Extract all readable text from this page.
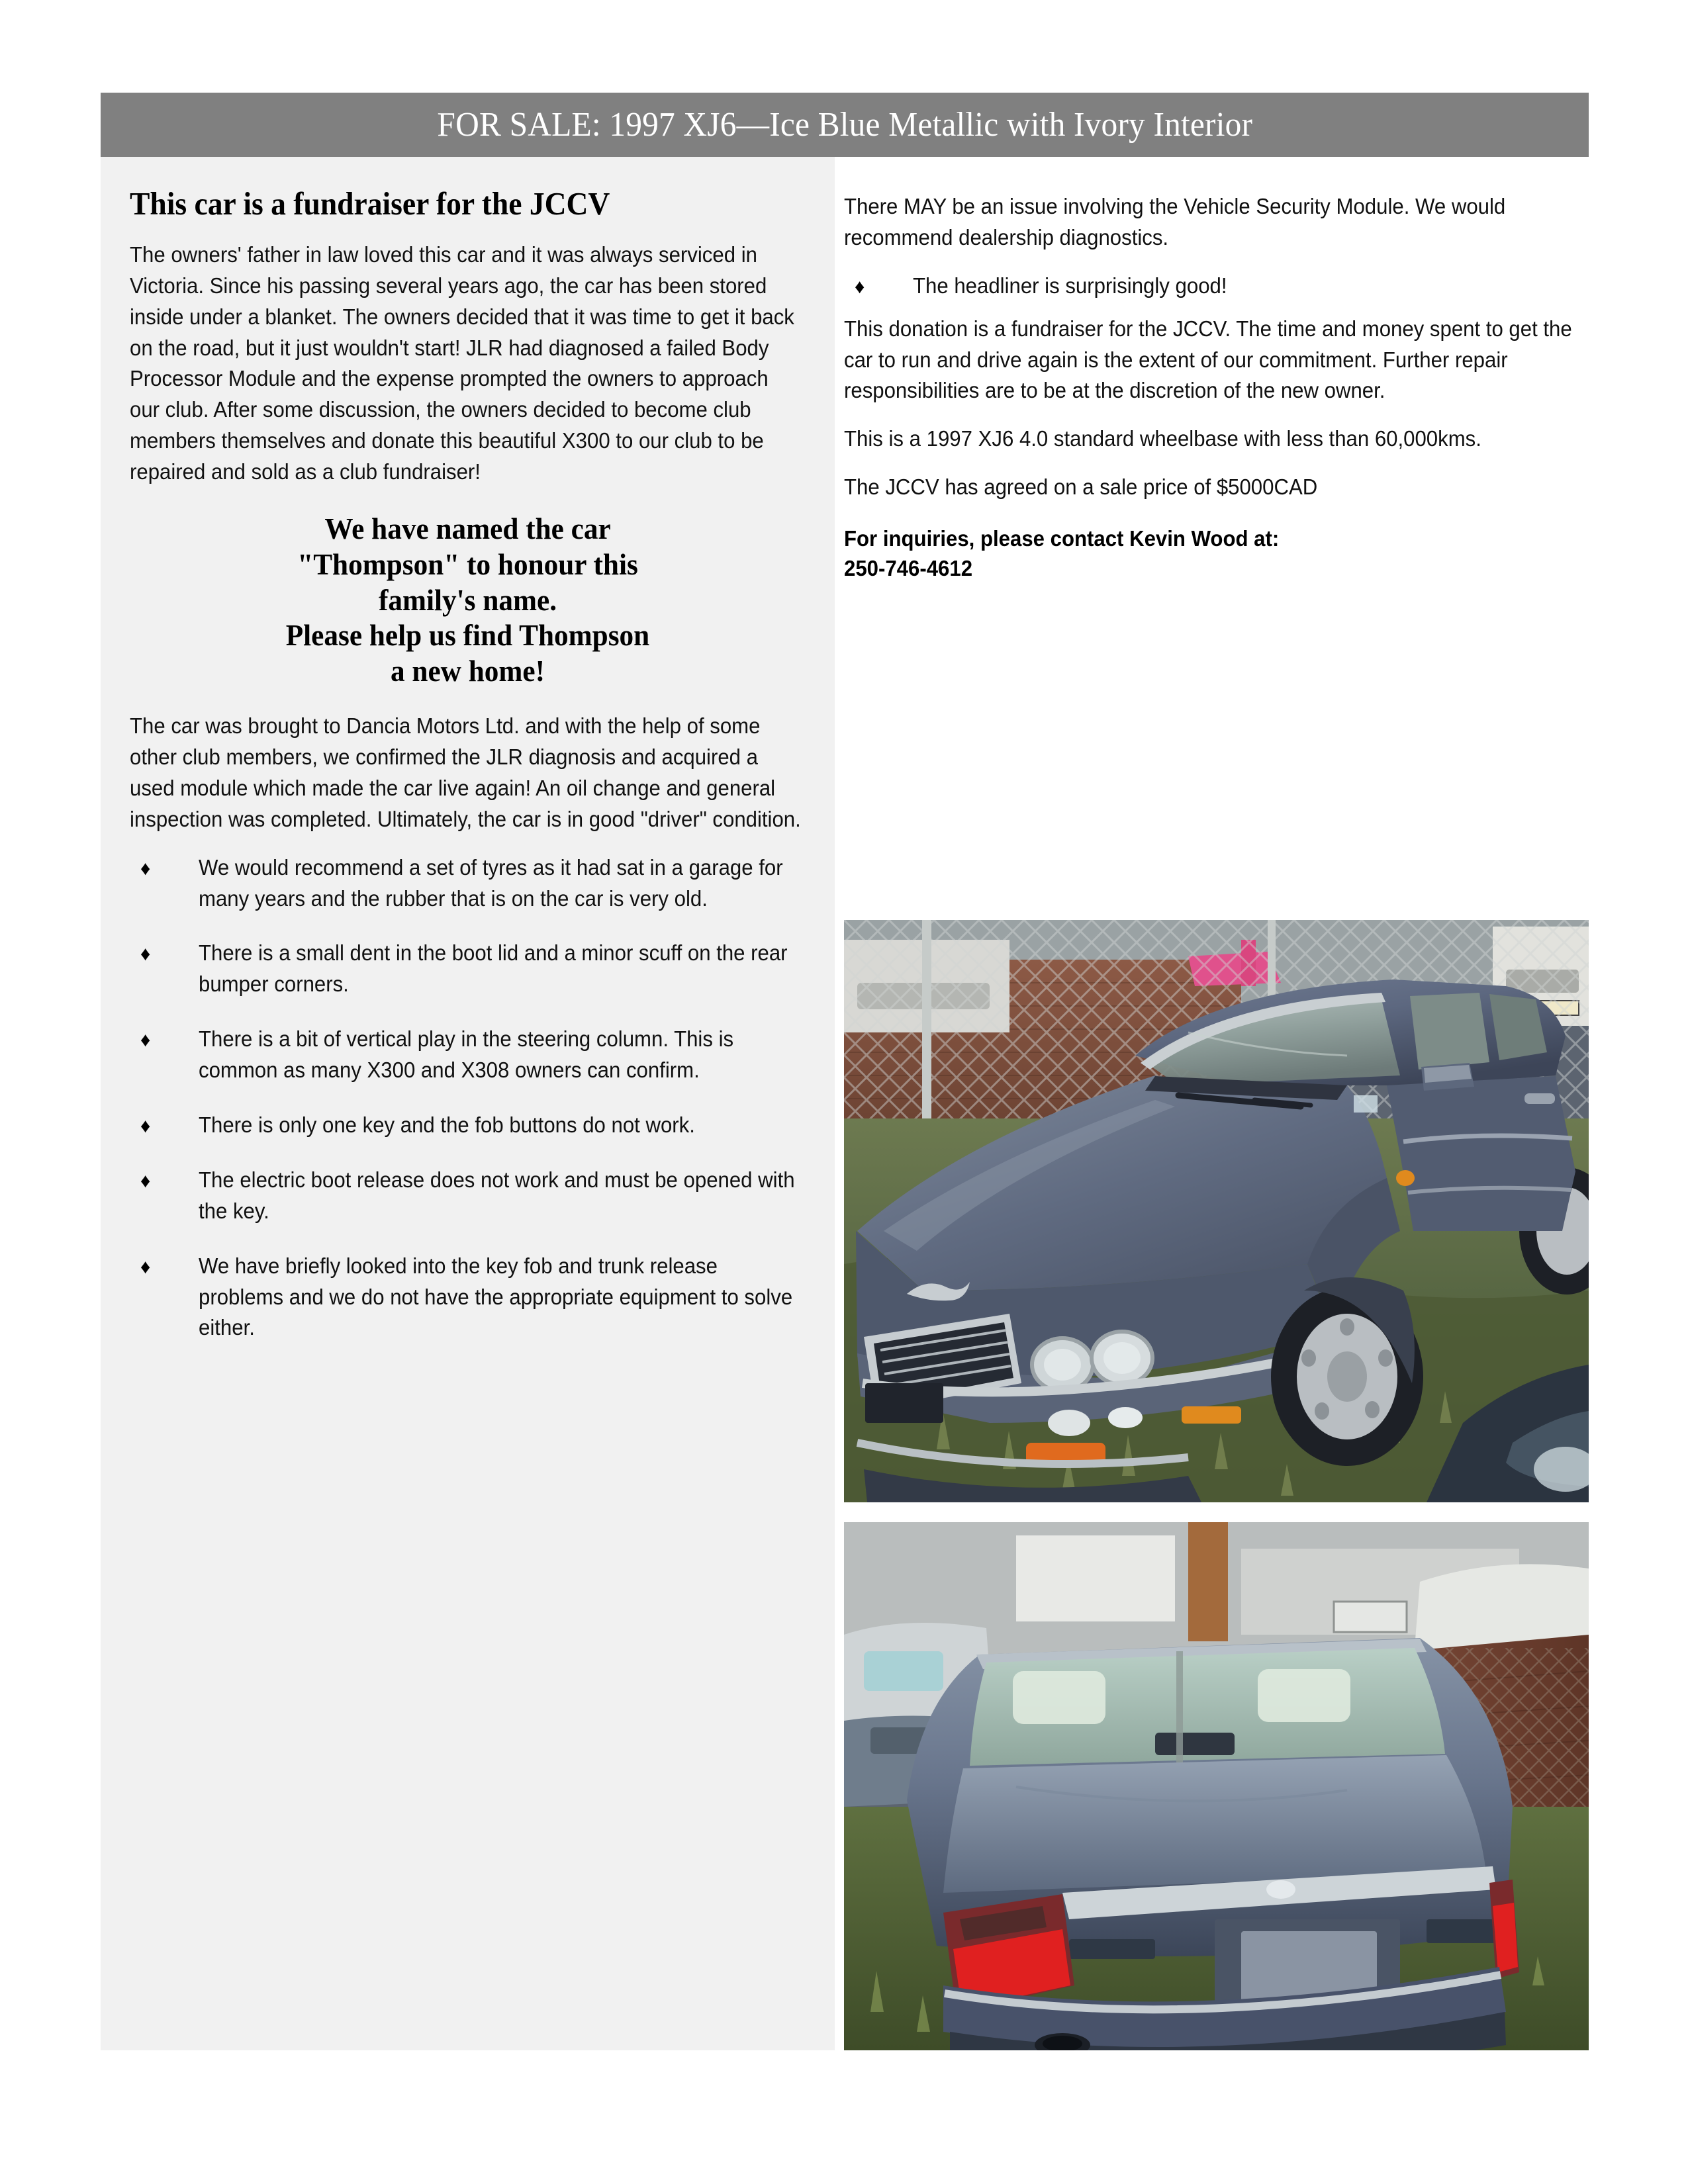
FOR SALE: 1997 XJ6—Ice Blue Metallic with Ivory Interior
This car is a fundraiser for the JCCV

The owners' father in law loved this car and it was always serviced in Victoria. Since his passing several years ago, the car has been stored inside under a blanket. The owners decided that it was time to get it back on the road, but it just wouldn't start! JLR had diagnosed a failed Body Processor Module and the expense prompted the owners to approach our club. After some discussion, the owners decided to become club members themselves and donate this beautiful X300 to our club to be repaired and sold as a club fundraiser!

We have named the car
"Thompson" to honour this
family's name.
Please help us find Thompson
a new home!

The car was brought to Dancia Motors Ltd. and with the help of some other club members, we confirmed the JLR diagnosis and acquired a used module which made the car live again! An oil change and general inspection was completed. Ultimately, the car is in good "driver" condition.

♦ We would recommend a set of tyres as it had sat in a garage for many years and the rubber that is on the car is very old.
♦ There is a small dent in the boot lid and a minor scuff on the rear bumper corners.
♦ There is a bit of vertical play in the steering column. This is common as many X300 and X308 owners can confirm.
♦ There is only one key and the fob buttons do not work.
♦ The electric boot release does not work and must be opened with the key.
♦ We have briefly looked into the key fob and trunk release problems and we do not have the appropriate equipment to solve either.

There MAY be an issue involving the Vehicle Security Module. We would recommend dealership diagnostics.

♦ The headliner is surprisingly good!

This donation is a fundraiser for the JCCV. The time and money spent to get the car to run and drive again is the extent of our commitment. Further repair responsibilities are to be at the discretion of the new owner.

This is a 1997 XJ6 4.0 standard wheelbase with less than 60,000kms.

The JCCV has agreed on a sale price of $5000CAD

For inquiries, please contact Kevin Wood at:
250-746-4612
